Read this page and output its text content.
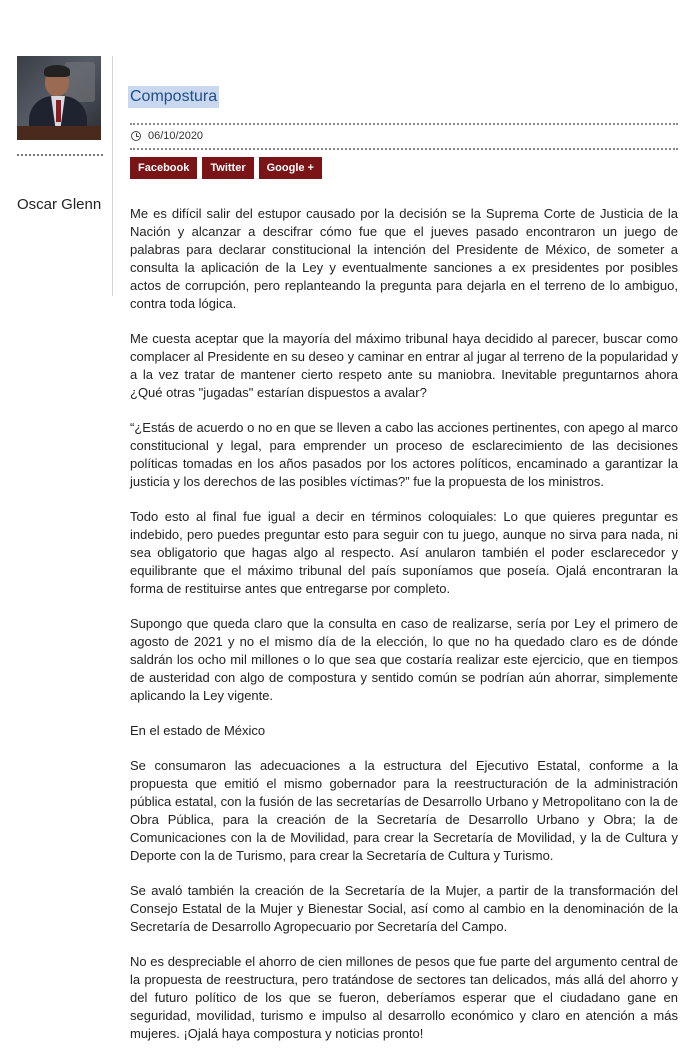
Oscar Glenn
Compostura
06/10/2020
Facebook	Twitter	Google +

Me es difícil salir del estupor causado por la decisión se la Suprema Corte de Justicia de la Nación y alcanzar a descifrar cómo fue que el jueves pasado encontraron un juego de palabras para declarar constitucional la intención del Presidente de México, de someter a consulta la aplicación de la Ley y eventualmente sanciones a ex presidentes por posibles actos de corrupción, pero replanteando la pregunta para dejarla en el terreno de lo ambiguo, contra toda lógica.

Me cuesta aceptar que la mayoría del máximo tribunal haya decidido al parecer, buscar como complacer al Presidente en su deseo y caminar en entrar al jugar al terreno de la popularidad y a la vez tratar de mantener cierto respeto ante su maniobra. Inevitable preguntarnos ahora ¿Qué otras "jugadas" estarían dispuestos a avalar?

“¿Estás de acuerdo o no en que se lleven a cabo las acciones pertinentes, con apego al marco constitucional y legal, para emprender un proceso de esclarecimiento de las decisiones políticas tomadas en los años pasados por los actores políticos, encaminado a garantizar la justicia y los derechos de las posibles víctimas?” fue la propuesta de los ministros.

Todo esto al final fue igual a decir en términos coloquiales: Lo que quieres preguntar es indebido, pero puedes preguntar esto para seguir con tu juego, aunque no sirva para nada, ni sea obligatorio que hagas algo al respecto. Así anularon también el poder esclarecedor y equilibrante que el máximo tribunal del país suponíamos que poseía. Ojalá encontraran la forma de restituirse antes que entregarse por completo.

Supongo que queda claro que la consulta en caso de realizarse, sería por Ley el primero de agosto de 2021 y no el mismo día de la elección, lo que no ha quedado claro es de dónde saldrán los ocho mil millones o lo que sea que costaría realizar este ejercicio, que en tiempos de austeridad con algo de compostura y sentido común se podrían aún ahorrar, simplemente aplicando la Ley vigente.

En el estado de México

Se consumaron las adecuaciones a la estructura del Ejecutivo Estatal, conforme a la propuesta que emitió el mismo gobernador para la reestructuración de la administración pública estatal, con la fusión de las secretarías de Desarrollo Urbano y Metropolitano con la de Obra Pública, para la creación de la Secretaría de Desarrollo Urbano y Obra; la de Comunicaciones con la de Movilidad, para crear la Secretaría de Movilidad, y la de Cultura y Deporte con la de Turismo, para crear la Secretaría de Cultura y Turismo.

Se avaló también la creación de la Secretaría de la Mujer, a partir de la transformación del Consejo Estatal de la Mujer y Bienestar Social, así como al cambio en la denominación de la Secretaría de Desarrollo Agropecuario por Secretaría del Campo.

No es despreciable el ahorro de cien millones de pesos que fue parte del argumento central de la propuesta de reestructura, pero tratándose de sectores tan delicados, más allá del ahorro y del futuro político de los que se fueron, deberíamos esperar que el ciudadano gane en seguridad, movilidad, turismo e impulso al desarrollo económico y claro en atención a más mujeres. ¡Ojalá haya compostura y noticias pronto!
